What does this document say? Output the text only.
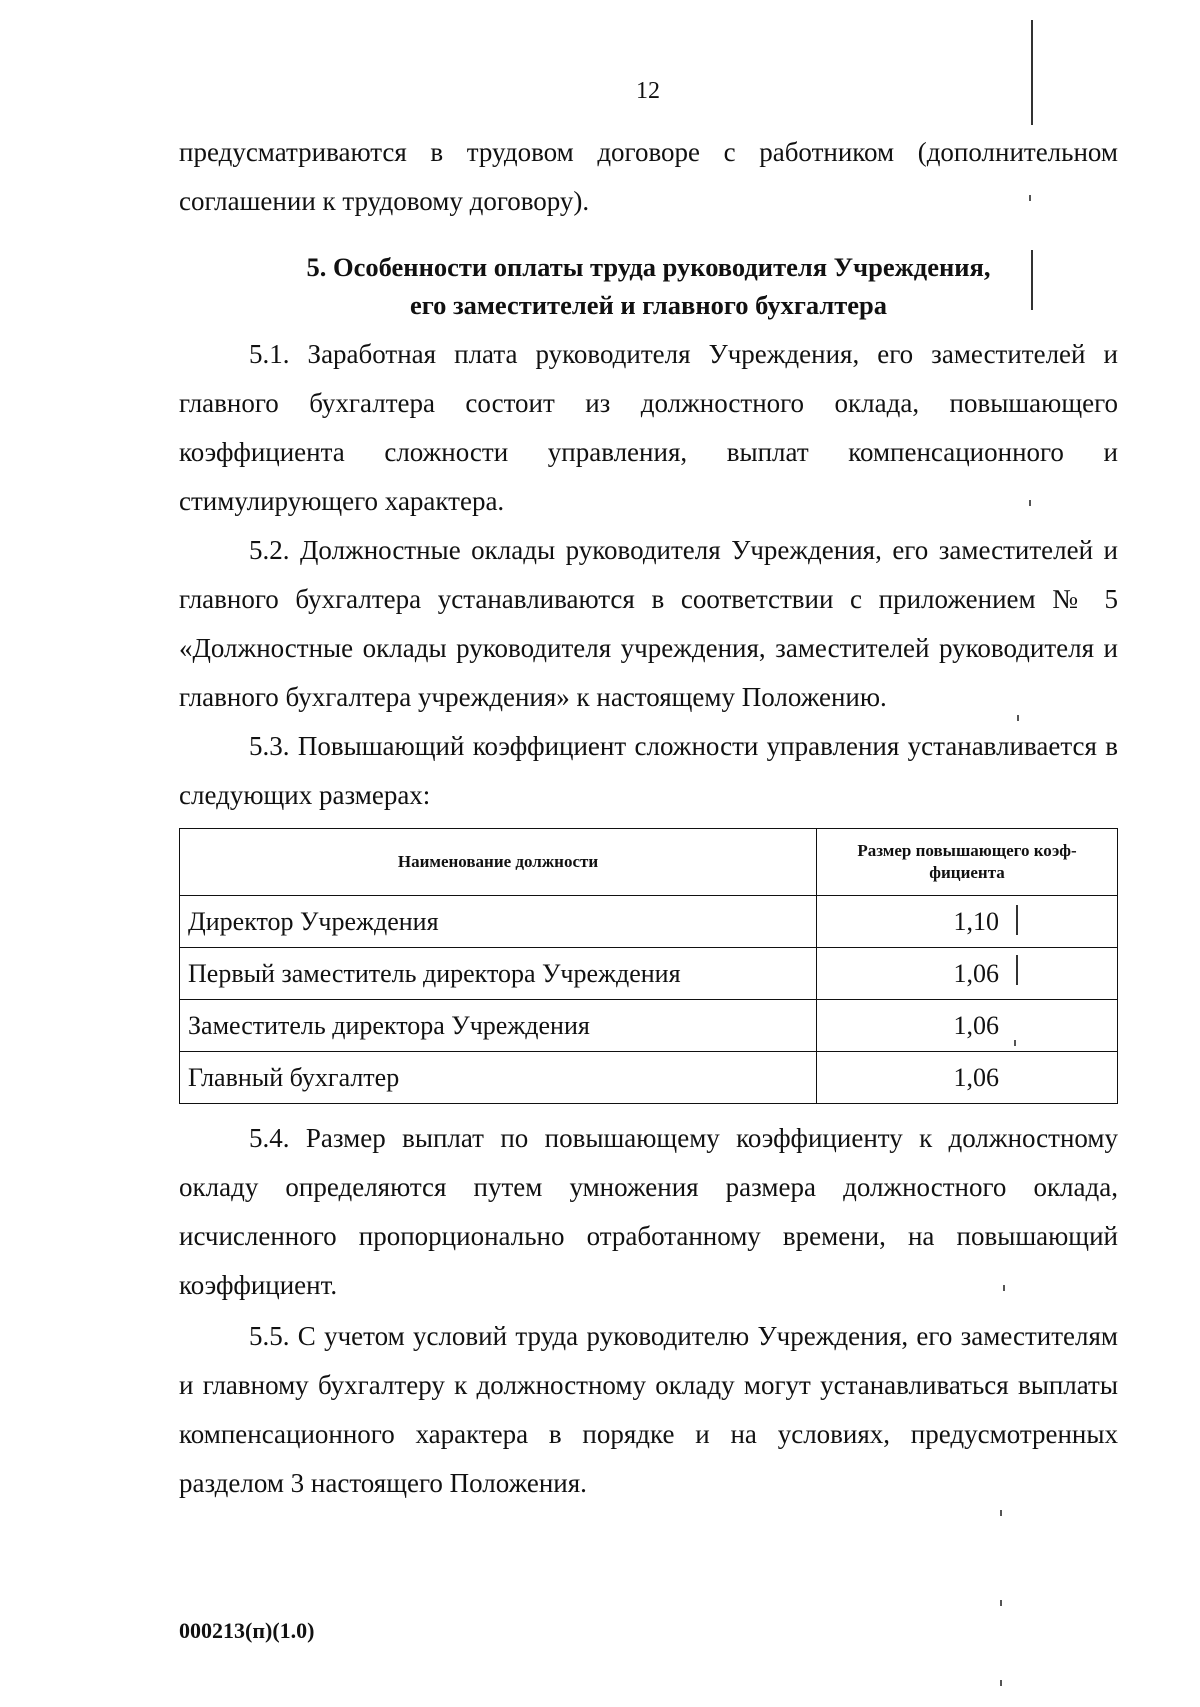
12

предусматриваются в трудовом договоре с работником (дополнительном соглашении к трудовому договору).

5. Особенности оплаты труда руководителя Учреждения,
его заместителей и главного бухгалтера

5.1. Заработная плата руководителя Учреждения, его заместителей и главного бухгалтера состоит из должностного оклада, повышающего коэффициента сложности управления, выплат компенсационного и стимулирующего характера.

5.2. Должностные оклады руководителя Учреждения, его заместителей и главного бухгалтера устанавливаются в соответствии с приложением № 5 «Должностные оклады руководителя учреждения, заместителей руководителя и главного бухгалтера учреждения» к настоящему Положению.

5.3. Повышающий коэффициент сложности управления устанавливается в следующих размерах:

Наименование должности	Размер повышающего коэф-фициента
Директор Учреждения	1,10
Первый заместитель директора Учреждения	1,06
Заместитель директора Учреждения	1,06
Главный бухгалтер	1,06

5.4. Размер выплат по повышающему коэффициенту к должностному окладу определяются путем умножения размера должностного оклада, исчисленного пропорционально отработанному времени, на повышающий коэффициент.

5.5. С учетом условий труда руководителю Учреждения, его заместителям и главному бухгалтеру к должностному окладу могут устанавливаться выплаты компенсационного характера в порядке и на условиях, предусмотренных разделом 3 настоящего Положения.

000213(п)(1.0)
